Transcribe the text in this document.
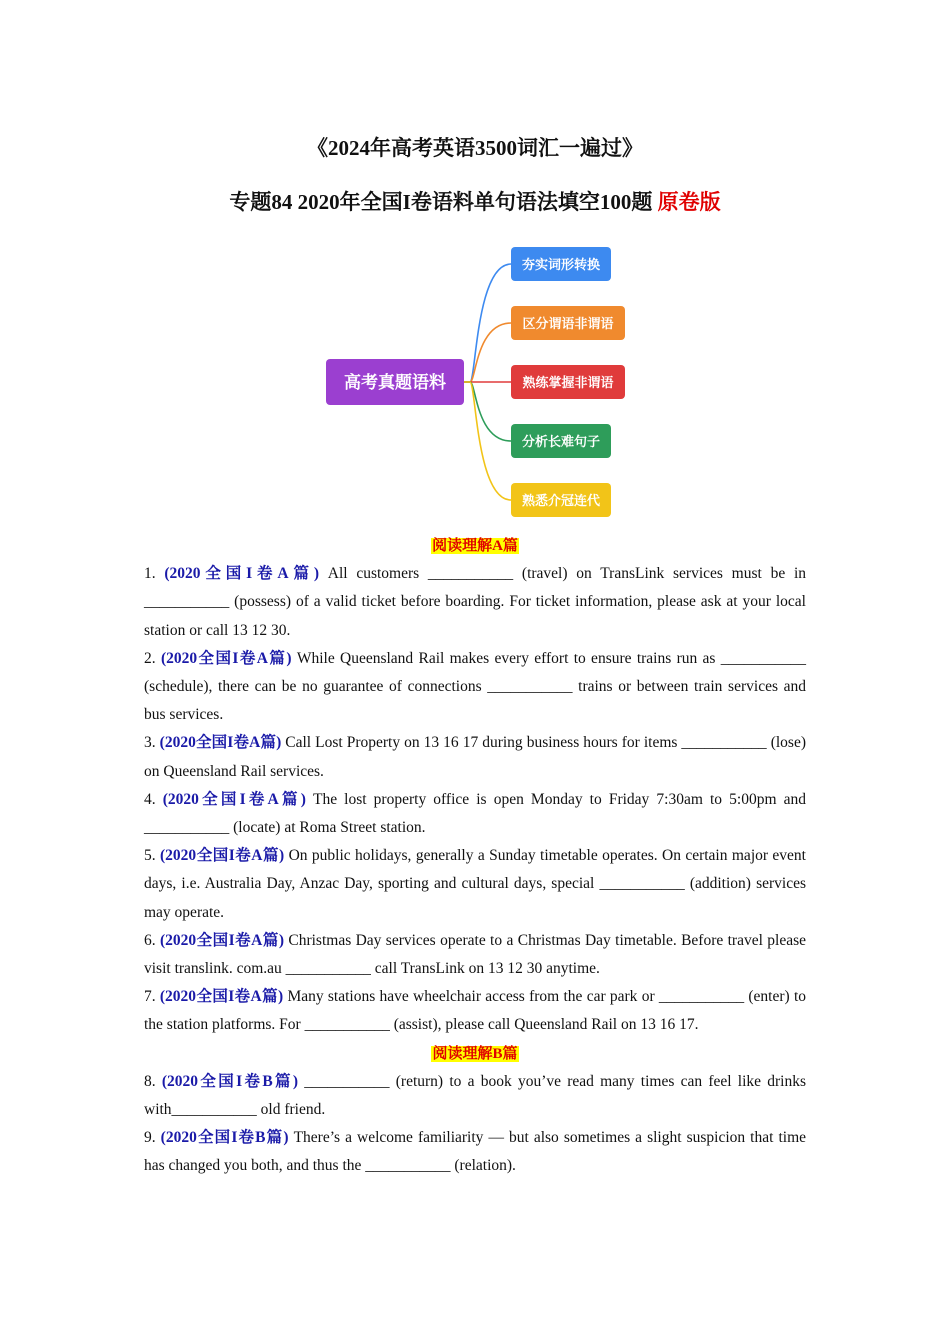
《2024年高考英语3500词汇一遍过》
专题84 2020年全国I卷语料单句语法填空100题 原卷版
夯实词形转换
区分谓语非谓语
熟练掌握非谓语
分析长难句子
熟悉介冠连代
高考真题语料

阅读理解A篇

1. (2020全国I卷A篇) All customers ___________ (travel) on TransLink services must be in ___________ (possess) of a valid ticket before boarding. For ticket information, please ask at your local station or call 13 12 30.

2. (2020全国I卷A篇) While Queensland Rail makes every effort to ensure trains run as ___________ (schedule), there can be no guarantee of connections ___________ trains or between train services and bus services.

3. (2020全国I卷A篇) Call Lost Property on 13 16 17 during business hours for items ___________ (lose) on Queensland Rail services.

4. (2020全国I卷A篇) The lost property office is open Monday to Friday 7:30am to 5:00pm and ___________ (locate) at Roma Street station.

5. (2020全国I卷A篇) On public holidays, generally a Sunday timetable operates. On certain major event days, i.e. Australia Day, Anzac Day, sporting and cultural days, special ___________ (addition) services may operate.

6. (2020全国I卷A篇) Christmas Day services operate to a Christmas Day timetable. Before travel please visit translink. com.au ___________ call TransLink on 13 12 30 anytime.

7. (2020全国I卷A篇) Many stations have wheelchair access from the car park or ___________ (enter) to the station platforms. For ___________ (assist), please call Queensland Rail on 13 16 17.

阅读理解B篇

8. (2020全国I卷B篇) ___________ (return) to a book you’ve read many times can feel like drinks with___________ old friend.

9. (2020全国I卷B篇) There’s a welcome familiarity — but also sometimes a slight suspicion that time has changed you both, and thus the ___________ (relation).
